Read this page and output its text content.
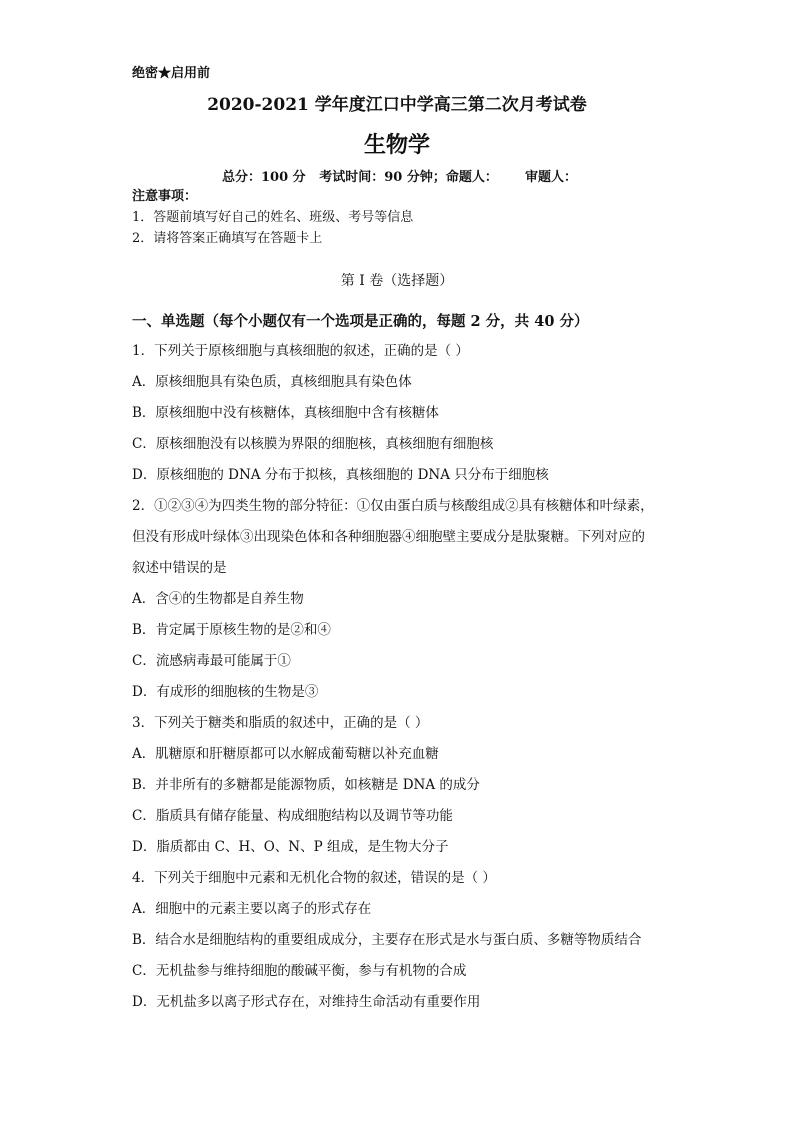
绝密★启用前
2020-2021 学年度江口中学高三第二次月考试卷
生物学
总分：100 分   考试时间：90 分钟；命题人：      审题人：
注意事项：
1．答题前填写好自己的姓名、班级、考号等信息
2．请将答案正确填写在答题卡上
第 I 卷（选择题）
一、单选题（每个小题仅有一个选项是正确的，每题 2 分，共 40 分）
1．下列关于原核细胞与真核细胞的叙述，正确的是（ ）
A．原核细胞具有染色质，真核细胞具有染色体
B．原核细胞中没有核糖体，真核细胞中含有核糖体
C．原核细胞没有以核膜为界限的细胞核，真核细胞有细胞核
D．原核细胞的 DNA 分布于拟核，真核细胞的 DNA 只分布于细胞核
2．①②③④为四类生物的部分特征：①仅由蛋白质与核酸组成②具有核糖体和叶绿素，
但没有形成叶绿体③出现染色体和各种细胞器④细胞壁主要成分是肽聚糖。下列对应的
叙述中错误的是
A．含④的生物都是自养生物
B．肯定属于原核生物的是②和④
C．流感病毒最可能属于①
D．有成形的细胞核的生物是③
3．下列关于糖类和脂质的叙述中，正确的是（ ）
A．肌糖原和肝糖原都可以水解成葡萄糖以补充血糖
B．并非所有的多糖都是能源物质，如核糖是 DNA 的成分
C．脂质具有储存能量、构成细胞结构以及调节等功能
D．脂质都由 C、H、O、N、P 组成，是生物大分子
4．下列关于细胞中元素和无机化合物的叙述，错误的是（ ）
A．细胞中的元素主要以离子的形式存在
B．结合水是细胞结构的重要组成成分，主要存在形式是水与蛋白质、多糖等物质结合
C．无机盐参与维持细胞的酸碱平衡，参与有机物的合成
D．无机盐多以离子形式存在，对维持生命活动有重要作用
